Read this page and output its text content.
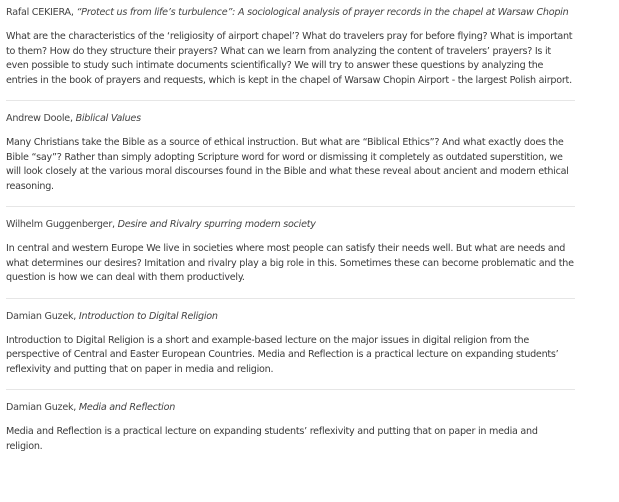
Rafal CEKIERA, “Protect us from life’s turbulence”: A sociological analysis of prayer records in the chapel at Warsaw Chopin

What are the characteristics of the ‘religiosity of airport chapel’? What do travelers pray for before flying? What is important to them? How do they structure their prayers? What can we learn from analyzing the content of travelers’ prayers? Is it even possible to study such intimate documents scientifically? We will try to answer these questions by analyzing the entries in the book of prayers and requests, which is kept in the chapel of Warsaw Chopin Airport - the largest Polish airport.

Andrew Doole, Biblical Values

Many Christians take the Bible as a source of ethical instruction. But what are “Biblical Ethics”? And what exactly does the Bible “say”? Rather than simply adopting Scripture word for word or dismissing it completely as outdated superstition, we will look closely at the various moral discourses found in the Bible and what these reveal about ancient and modern ethical reasoning.

Wilhelm Guggenberger, Desire and Rivalry spurring modern society

In central and western Europe We live in societies where most people can satisfy their needs well. But what are needs and what determines our desires? Imitation and rivalry play a big role in this. Sometimes these can become problematic and the question is how we can deal with them productively.

Damian Guzek, Introduction to Digital Religion

Introduction to Digital Religion is a short and example-based lecture on the major issues in digital religion from the perspective of Central and Easter European Countries. Media and Reflection is a practical lecture on expanding students’ reflexivity and putting that on paper in media and religion.

Damian Guzek, Media and Reflection

Media and Reflection is a practical lecture on expanding students’ reflexivity and putting that on paper in media and religion.
